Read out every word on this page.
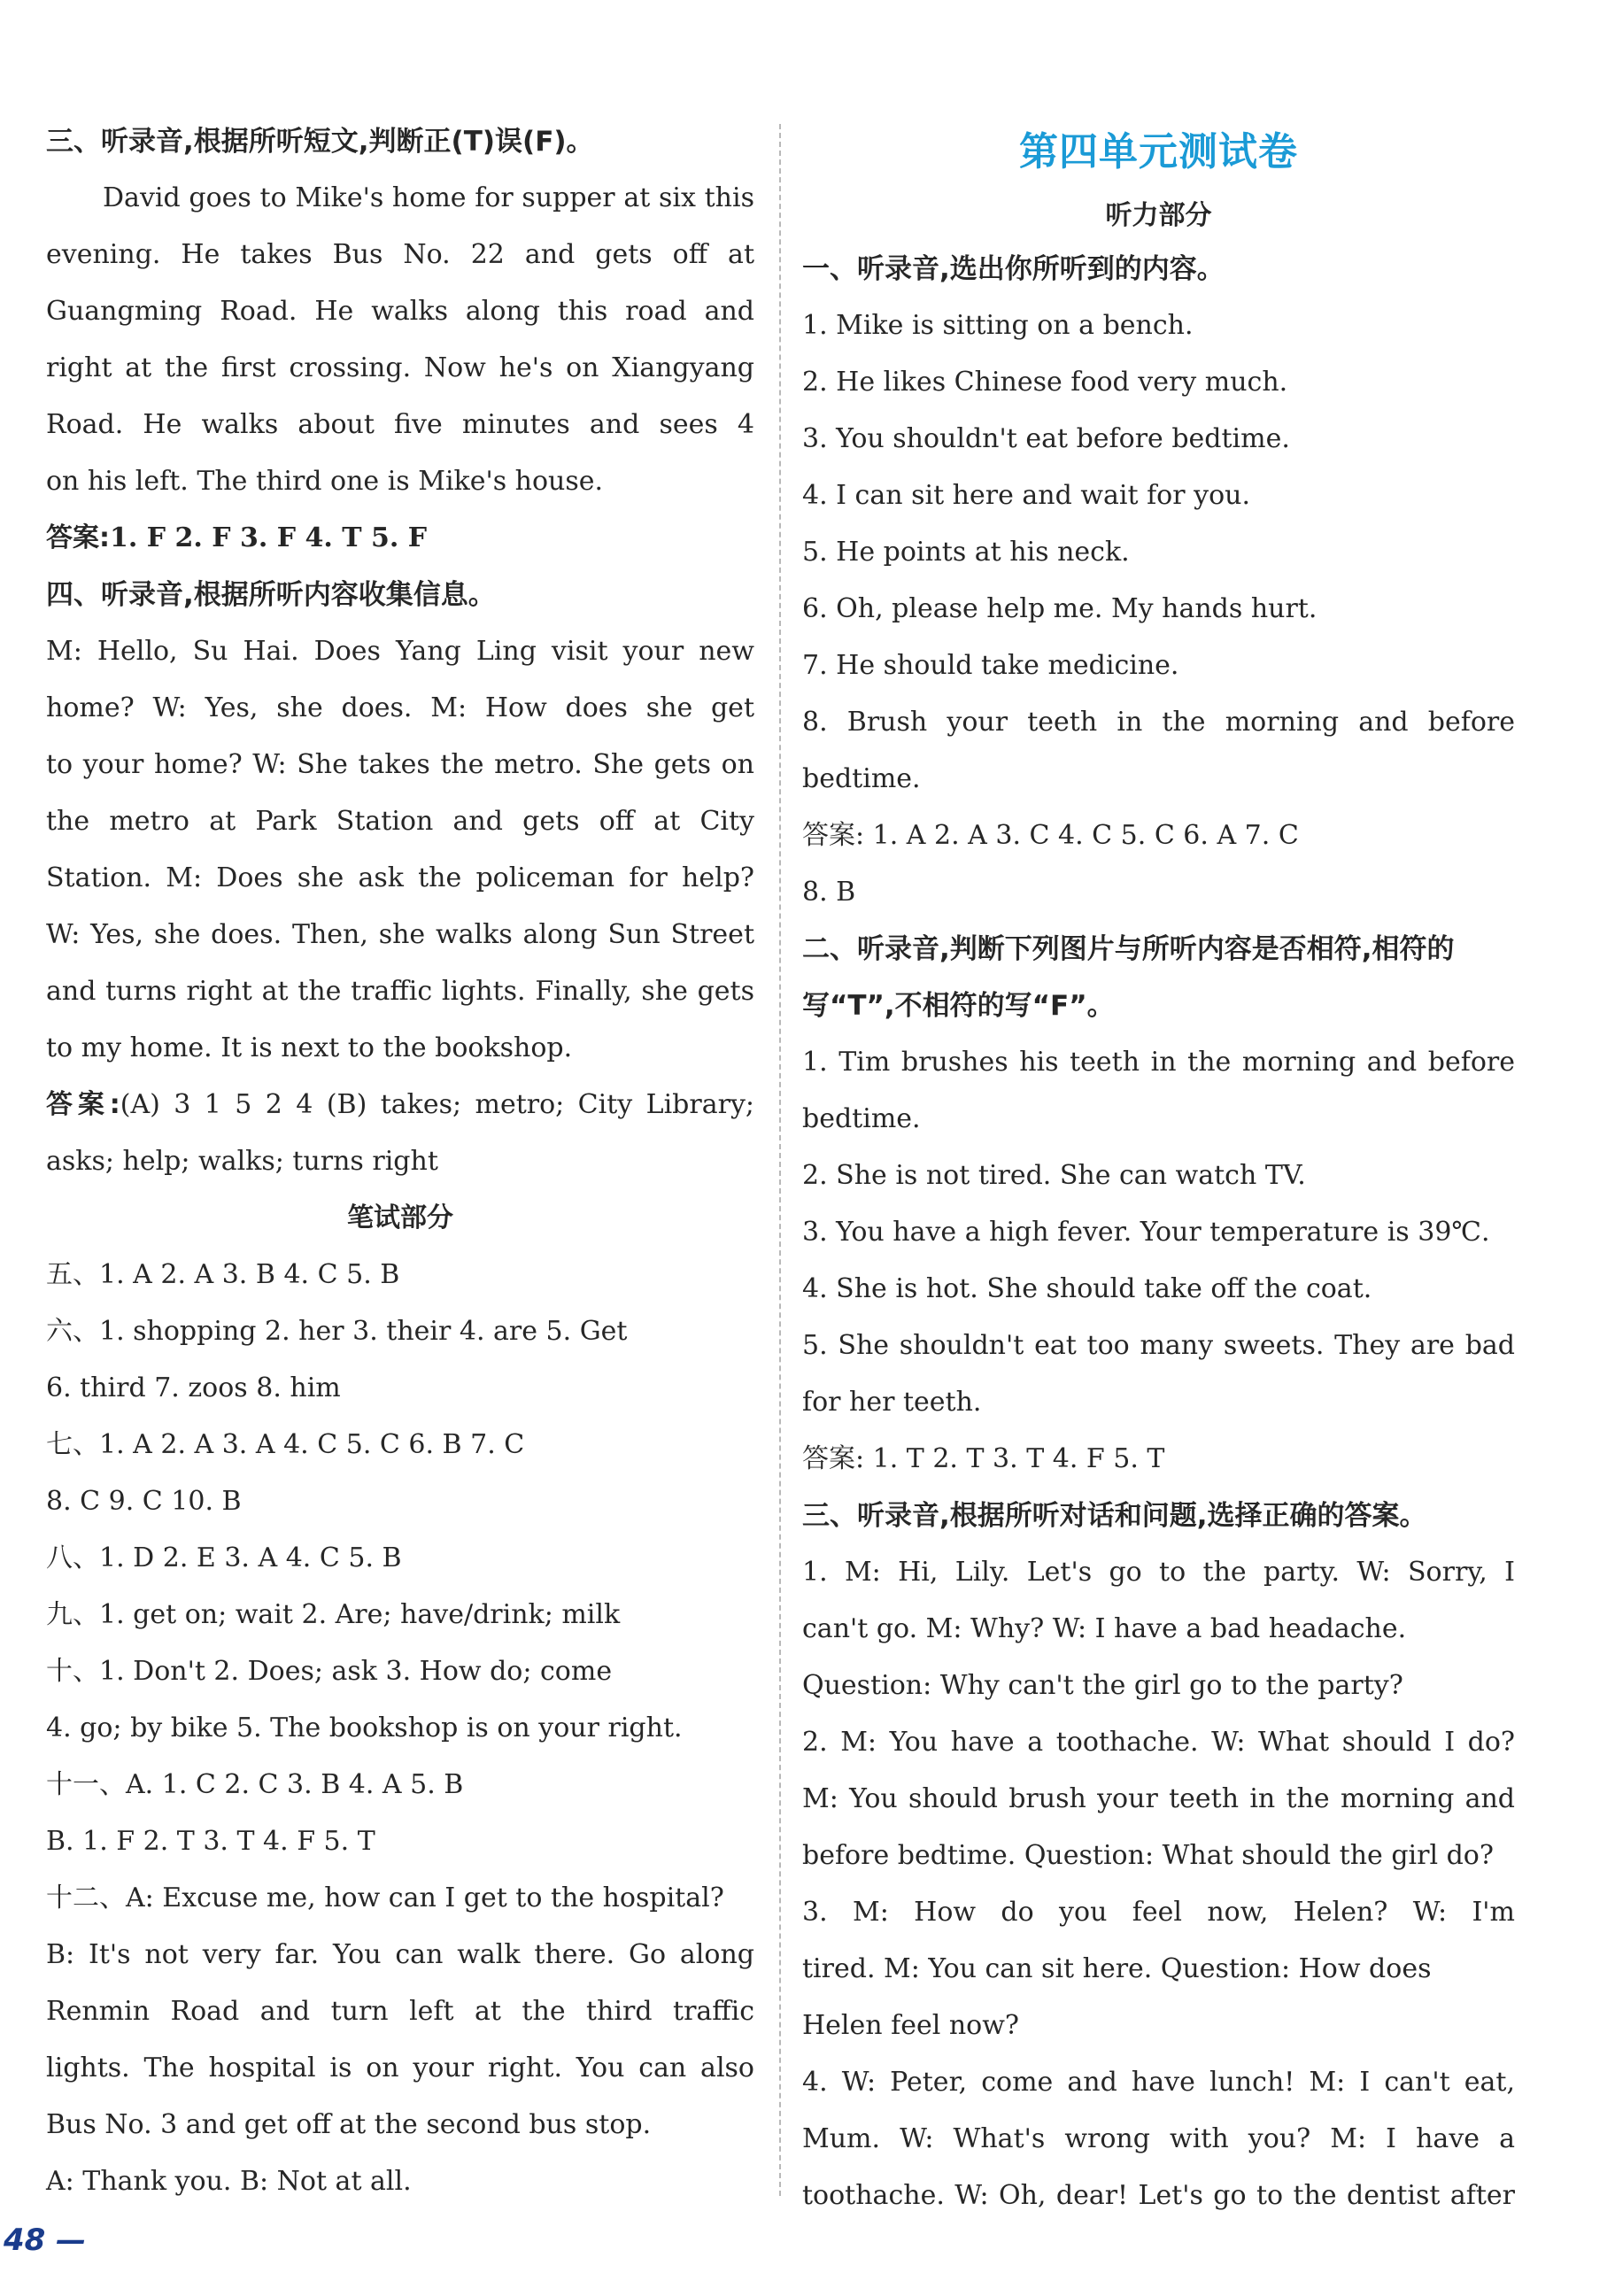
三、听录音,根据所听短文,判断正(T)误(F)。
David goes to Mike's home for supper at six this
evening. He takes Bus No. 22 and gets off at
Guangming Road. He walks along this road and
right at the first crossing. Now he's on Xiangyang
Road. He walks about five minutes and sees 4
on his left. The third one is Mike's house.
答案:1. F 2. F 3. F 4. T 5. F
四、听录音,根据所听内容收集信息。
M: Hello, Su Hai. Does Yang Ling visit your new
home? W: Yes, she does. M: How does she get
to your home? W: She takes the metro. She gets on
the metro at Park Station and gets off at City
Station. M: Does she ask the policeman for help?
W: Yes, she does. Then, she walks along Sun Street
and turns right at the traffic lights. Finally, she gets
to my home. It is next to the bookshop.
答案:(A) 3 1 5 2 4 (B) takes; metro; City Library;
asks; help; walks; turns right
笔试部分
五、1. A 2. A 3. B 4. C 5. B
六、1. shopping 2. her 3. their 4. are 5. Get
6. third 7. zoos 8. him
七、1. A 2. A 3. A 4. C 5. C 6. B 7. C
8. C 9. C 10. B
八、1. D 2. E 3. A 4. C 5. B
九、1. get on; wait 2. Are; have/drink; milk
十、1. Don't 2. Does; ask 3. How do; come
4. go; by bike 5. The bookshop is on your right.
十一、A. 1. C 2. C 3. B 4. A 5. B
B. 1. F 2. T 3. T 4. F 5. T
十二、A: Excuse me, how can I get to the hospital?
B: It's not very far. You can walk there. Go along
Renmin Road and turn left at the third traffic
lights. The hospital is on your right. You can also
Bus No. 3 and get off at the second bus stop.
A: Thank you. B: Not at all.
第四单元测试卷
听力部分
一、听录音,选出你所听到的内容。
1. Mike is sitting on a bench.
2. He likes Chinese food very much.
3. You shouldn't eat before bedtime.
4. I can sit here and wait for you.
5. He points at his neck.
6. Oh, please help me. My hands hurt.
7. He should take medicine.
8. Brush your teeth in the morning and before
bedtime.
答案: 1. A 2. A 3. C 4. C 5. C 6. A 7. C
8. B
二、听录音,判断下列图片与所听内容是否相符,相符的
写“T”,不相符的写“F”。
1. Tim brushes his teeth in the morning and before
bedtime.
2. She is not tired. She can watch TV.
3. You have a high fever. Your temperature is 39℃.
4. She is hot. She should take off the coat.
5. She shouldn't eat too many sweets. They are bad
for her teeth.
答案: 1. T 2. T 3. T 4. F 5. T
三、听录音,根据所听对话和问题,选择正确的答案。
1. M: Hi, Lily. Let's go to the party. W: Sorry, I
can't go. M: Why? W: I have a bad headache.
Question: Why can't the girl go to the party?
2. M: You have a toothache. W: What should I do?
M: You should brush your teeth in the morning and
before bedtime. Question: What should the girl do?
3. M: How do you feel now, Helen? W: I'm
tired. M: You can sit here. Question: How does
Helen feel now?
4. W: Peter, come and have lunch! M: I can't eat,
Mum. W: What's wrong with you? M: I have a
toothache. W: Oh, dear! Let's go to the dentist after
48 —
